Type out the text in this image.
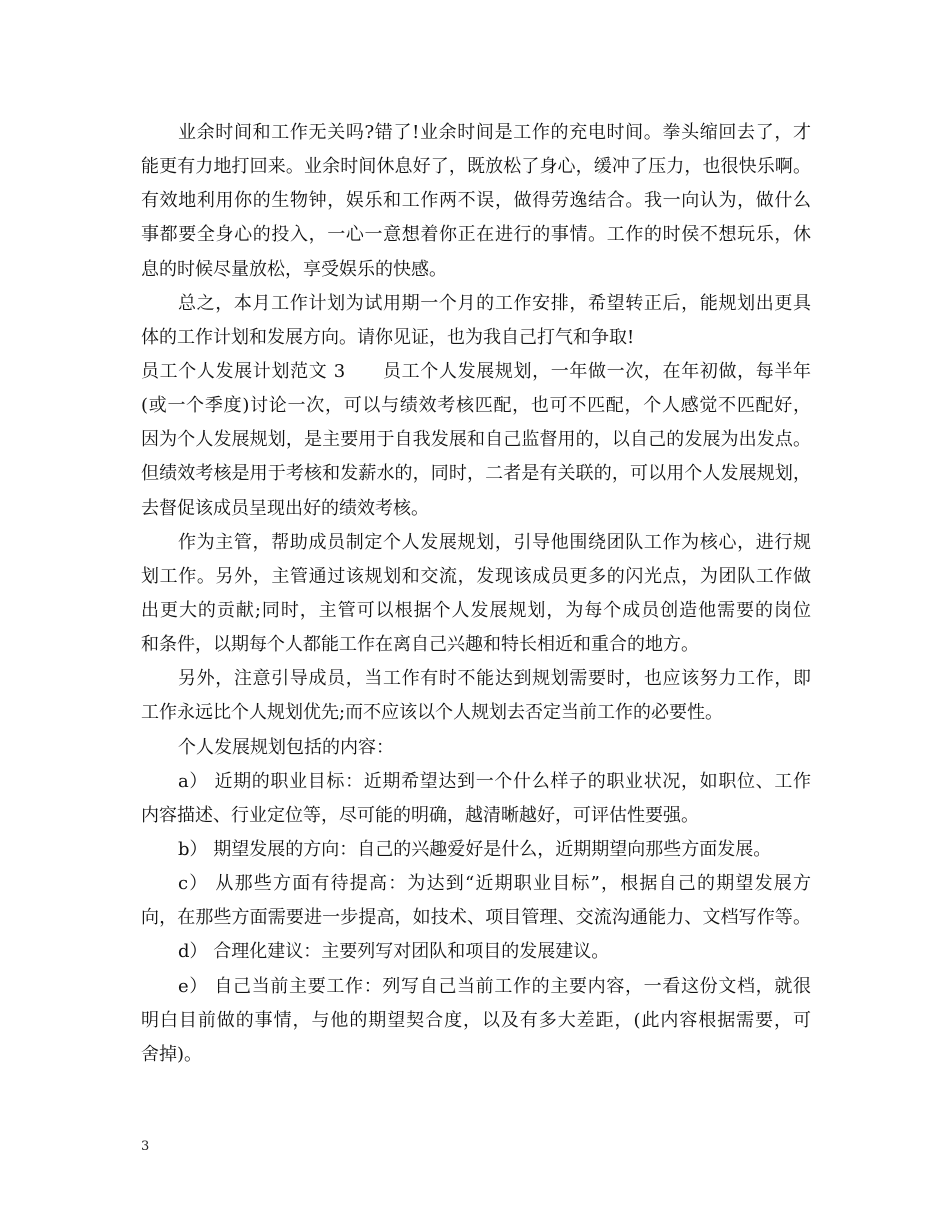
业余时间和工作无关吗?错了!业余时间是工作的充电时间。拳头缩回去了，才
能更有力地打回来。业余时间休息好了，既放松了身心，缓冲了压力，也很快乐啊。
有效地利用你的生物钟，娱乐和工作两不误，做得劳逸结合。我一向认为，做什么
事都要全身心的投入，一心一意想着你正在进行的事情。工作的时侯不想玩乐，休
息的时候尽量放松，享受娱乐的快感。
总之，本月工作计划为试用期一个月的工作安排，希望转正后，能规划出更具
体的工作计划和发展方向。请你见证，也为我自己打气和争取!
员工个人发展计划范文 3　　员工个人发展规划，一年做一次，在年初做，每半年
(或一个季度)讨论一次，可以与绩效考核匹配，也可不匹配，个人感觉不匹配好，
因为个人发展规划，是主要用于自我发展和自己监督用的，以自己的发展为出发点。
但绩效考核是用于考核和发薪水的，同时，二者是有关联的，可以用个人发展规划，
去督促该成员呈现出好的绩效考核。
作为主管，帮助成员制定个人发展规划，引导他围绕团队工作为核心，进行规
划工作。另外，主管通过该规划和交流，发现该成员更多的闪光点，为团队工作做
出更大的贡献;同时，主管可以根据个人发展规划，为每个成员创造他需要的岗位
和条件，以期每个人都能工作在离自己兴趣和特长相近和重合的地方。
另外，注意引导成员，当工作有时不能达到规划需要时，也应该努力工作，即
工作永远比个人规划优先;而不应该以个人规划去否定当前工作的必要性。
个人发展规划包括的内容：
a） 近期的职业目标：近期希望达到一个什么样子的职业状况，如职位、工作
内容描述、行业定位等，尽可能的明确，越清晰越好，可评估性要强。
b） 期望发展的方向：自己的兴趣爱好是什么，近期期望向那些方面发展。
c） 从那些方面有待提高：为达到“近期职业目标”，根据自己的期望发展方
向，在那些方面需要进一步提高，如技术、项目管理、交流沟通能力、文档写作等。
d） 合理化建议：主要列写对团队和项目的发展建议。
e） 自己当前主要工作：列写自己当前工作的主要内容，一看这份文档，就很
明白目前做的事情，与他的期望契合度，以及有多大差距，(此内容根据需要，可
舍掉)。
3
